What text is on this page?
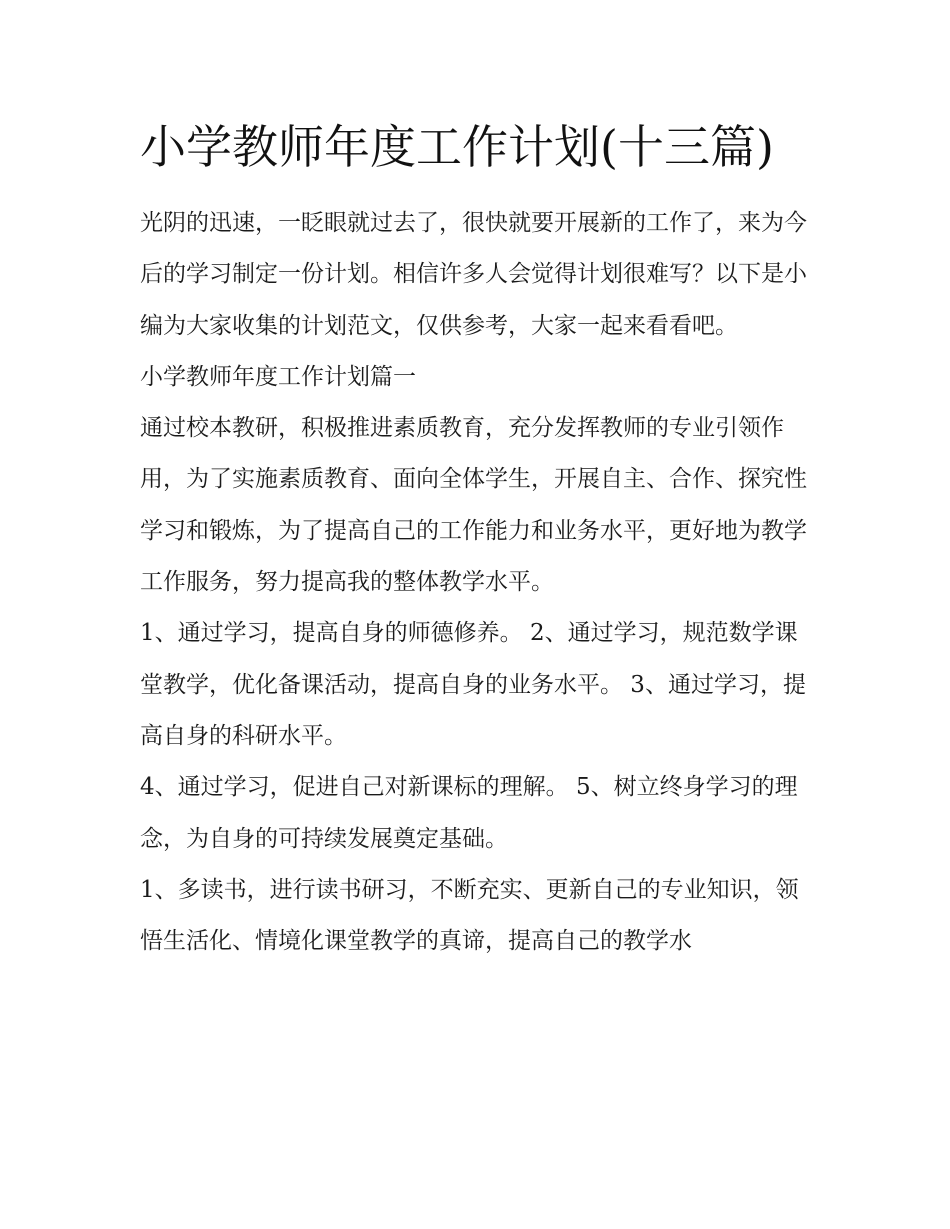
小学教师年度工作计划(十三篇)

光阴的迅速，一眨眼就过去了，很快就要开展新的工作了，来为今后的学习制定一份计划。相信许多人会觉得计划很难写？以下是小编为大家收集的计划范文，仅供参考，大家一起来看看吧。

小学教师年度工作计划篇一

通过校本教研，积极推进素质教育，充分发挥教师的专业引领作用，为了实施素质教育、面向全体学生，开展自主、合作、探究性学习和锻炼，为了提高自己的工作能力和业务水平，更好地为教学工作服务，努力提高我的整体教学水平。

1、通过学习，提高自身的师德修养。 2、通过学习，规范数学课堂教学，优化备课活动，提高自身的业务水平。 3、通过学习，提高自身的科研水平。

4、通过学习，促进自己对新课标的理解。 5、树立终身学习的理念，为自身的可持续发展奠定基础。

1、多读书，进行读书研习，不断充实、更新自己的专业知识，领悟生活化、情境化课堂教学的真谛，提高自己的教学水
